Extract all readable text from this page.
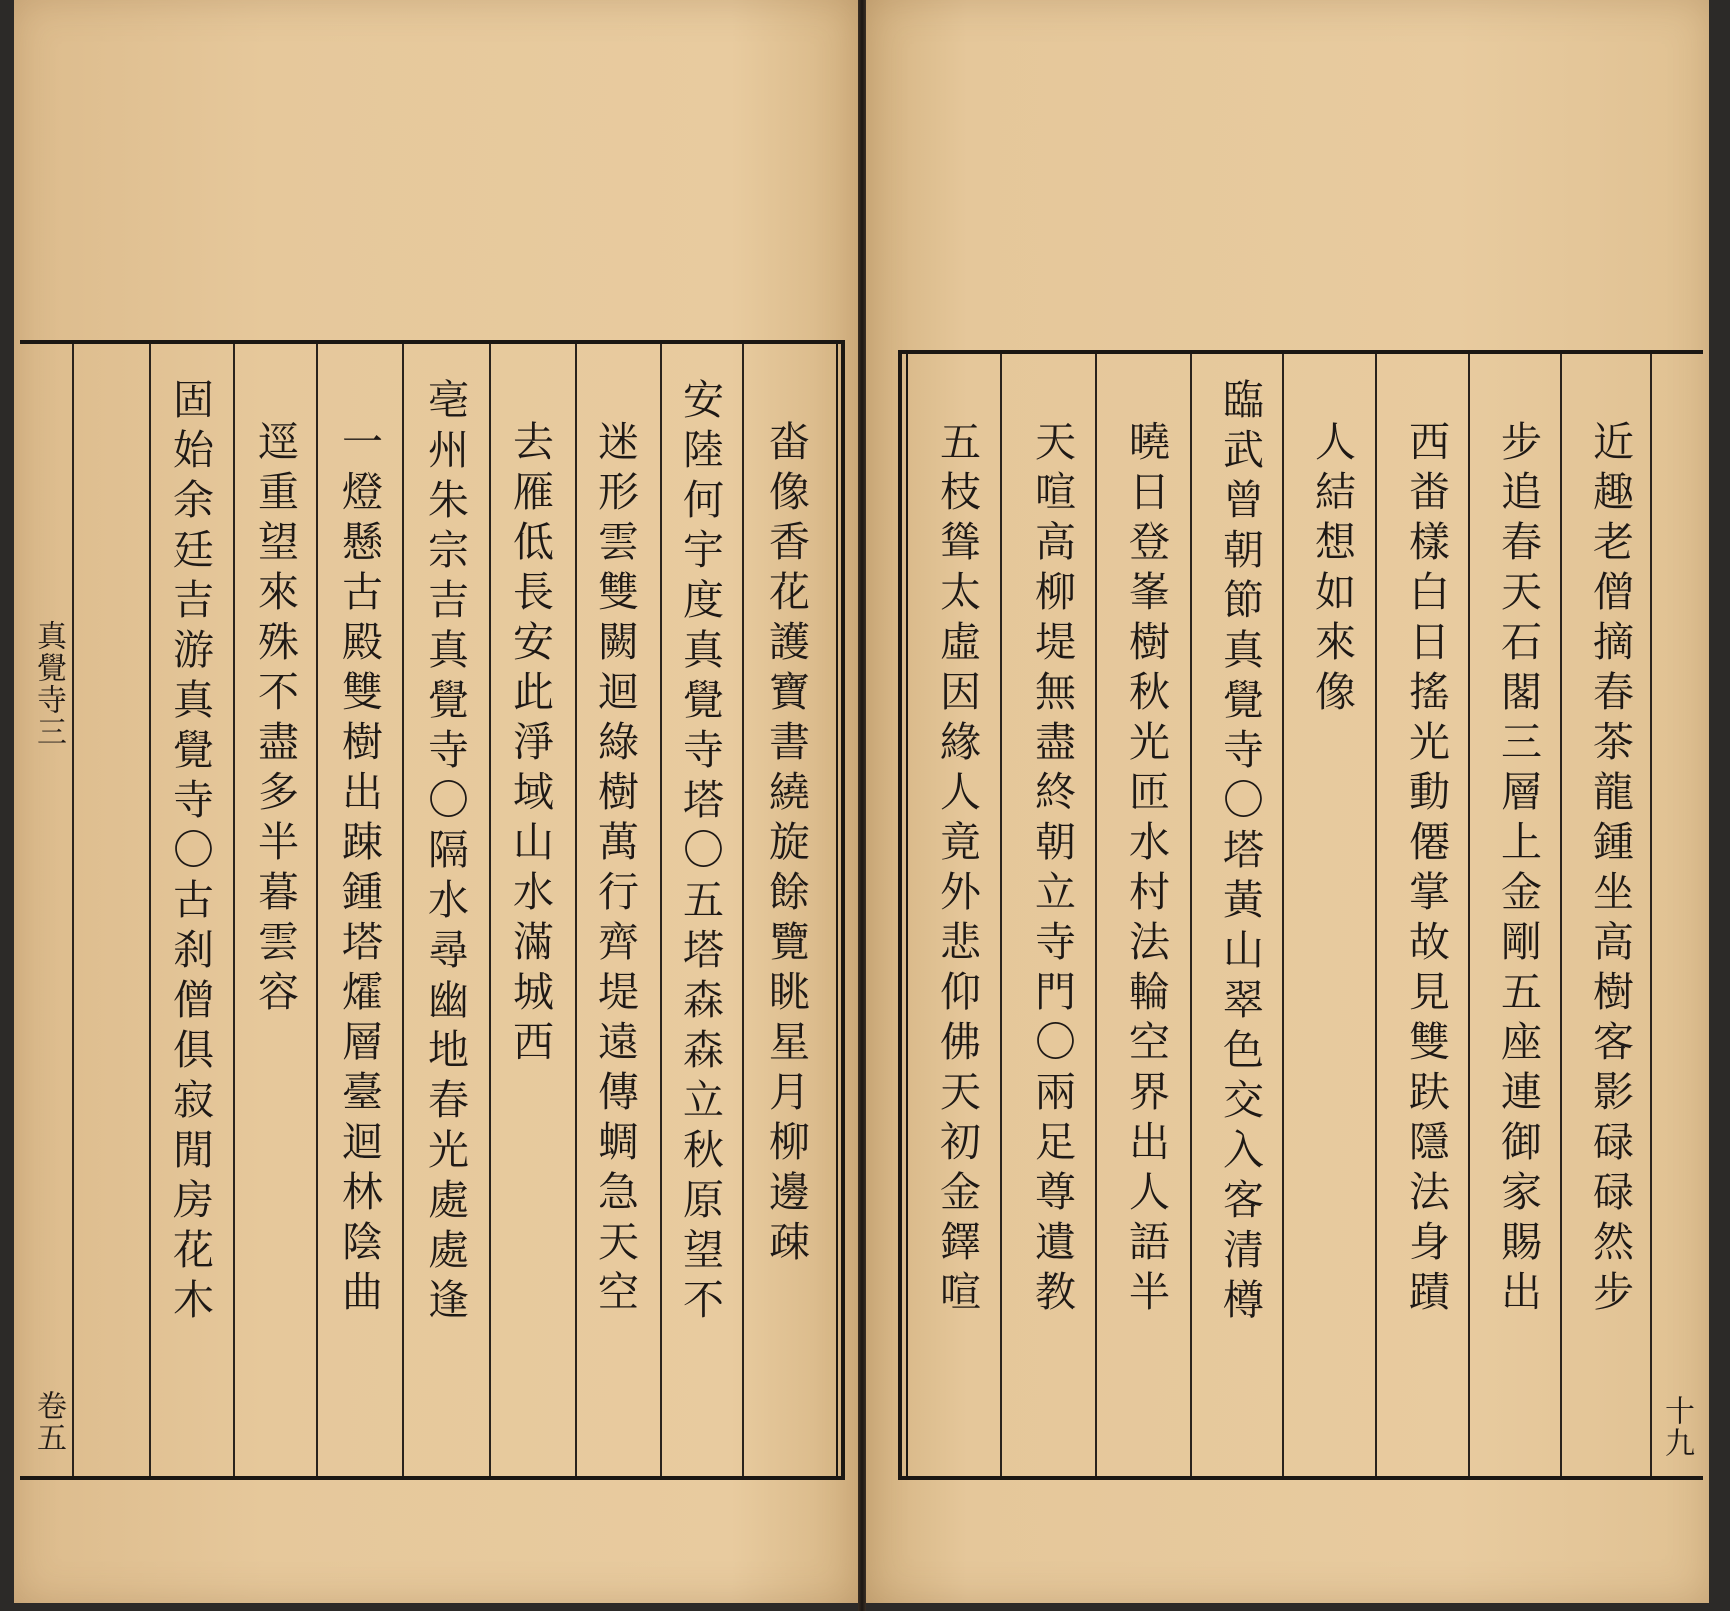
畓像香花護寶書繞旋餘覽眺星月柳邊疎
安陸何宇度真覺寺塔〇五塔森森立秋原望不
迷形雲雙闕迴綠樹萬行齊堤遠傳蜩急天空
去雁低長安此淨域山水滿城西
亳州朱宗吉真覺寺〇隔水尋幽地春光處處逢
一燈懸古殿雙樹出踈鍾塔㸌層臺迴林陰曲
逕重望來殊不盡多半暮雲容
固始余廷吉游真覺寺〇古刹僧俱寂閒房花木
真覺寺三
卷五
近趣老僧摘春茶龍鍾坐高樹客影碌碌然步
步追春天石閣三層上金剛五座連御家賜出
西畨樣白日搖光動僊掌故見雙趺隱法身蹟
人結想如來像
臨武曾朝節真覺寺〇塔黃山翠色交入客清樽
曉日登峯樹秋光匝水村法輪空界出人語半
天喧高柳堤無盡終朝立寺門〇兩足尊遺教
五枝聳太虛因緣人竟外悲仰佛天初金鐸喧
十九
